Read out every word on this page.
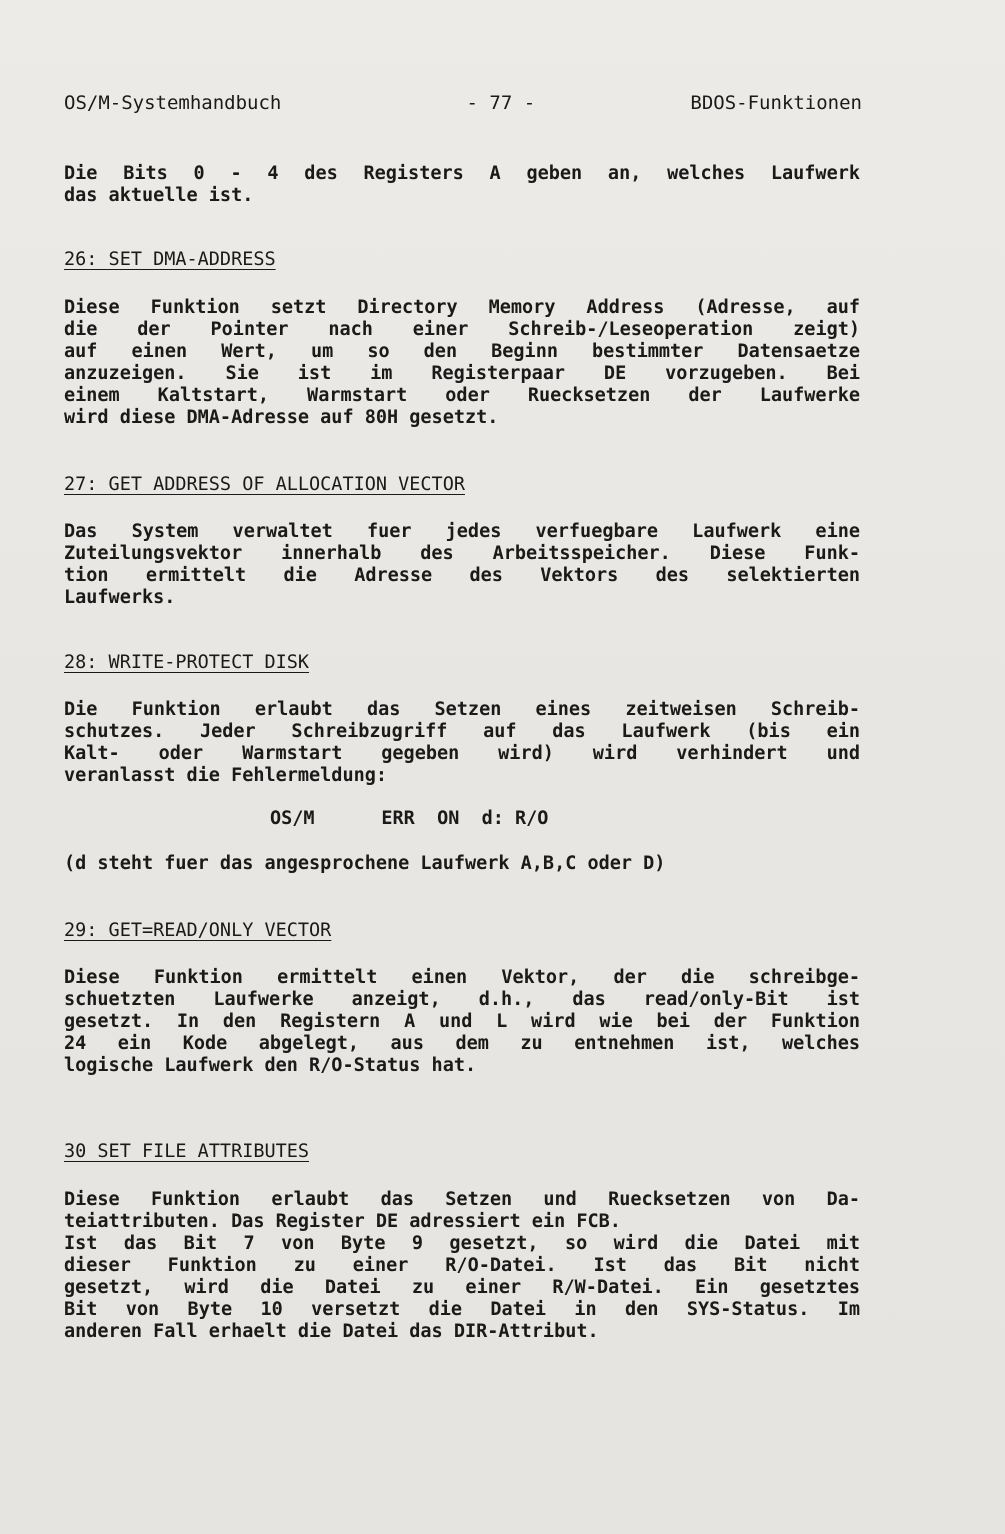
OS/M-Systemhandbuch	- 77 -	BDOS-Funktionen
Die Bits 0 - 4 des Registers A geben an, welches Laufwerk
das aktuelle ist.
26: SET DMA-ADDRESS
Diese Funktion setzt Directory Memory Address (Adresse, auf
die der Pointer nach einer Schreib-/Leseoperation zeigt)
auf einen Wert, um so den Beginn bestimmter Datensaetze
anzuzeigen. Sie ist im Registerpaar DE vorzugeben. Bei
einem Kaltstart, Warmstart oder Ruecksetzen der Laufwerke
wird diese DMA-Adresse auf 80H gesetzt.
27: GET ADDRESS OF ALLOCATION VECTOR
Das System verwaltet fuer jedes verfuegbare Laufwerk eine
Zuteilungsvektor innerhalb des Arbeitsspeicher. Diese Funk-
tion ermittelt die Adresse des Vektors des selektierten
Laufwerks.
28: WRITE-PROTECT DISK
Die Funktion erlaubt das Setzen eines zeitweisen Schreib-
schutzes. Jeder Schreibzugriff auf das Laufwerk (bis ein
Kalt- oder Warmstart gegeben wird) wird verhindert und
veranlasst die Fehlermeldung:
OS/M      ERR  ON  d: R/O
(d steht fuer das angesprochene Laufwerk A,B,C oder D)
29: GET=READ/ONLY VECTOR
Diese Funktion ermittelt einen Vektor, der die schreibge-
schuetzten Laufwerke anzeigt, d.h., das read/only-Bit ist
gesetzt. In den Registern A und L wird wie bei der Funktion
24 ein Kode abgelegt, aus dem zu entnehmen ist, welches
logische Laufwerk den R/O-Status hat.
30 SET FILE ATTRIBUTES
Diese Funktion erlaubt das Setzen und Ruecksetzen von Da-
teiattributen. Das Register DE adressiert ein FCB.
Ist das Bit 7 von Byte 9 gesetzt, so wird die Datei mit
dieser Funktion zu einer R/O-Datei. Ist das Bit nicht
gesetzt, wird die Datei zu einer R/W-Datei. Ein gesetztes
Bit von Byte 10 versetzt die Datei in den SYS-Status. Im
anderen Fall erhaelt die Datei das DIR-Attribut.
